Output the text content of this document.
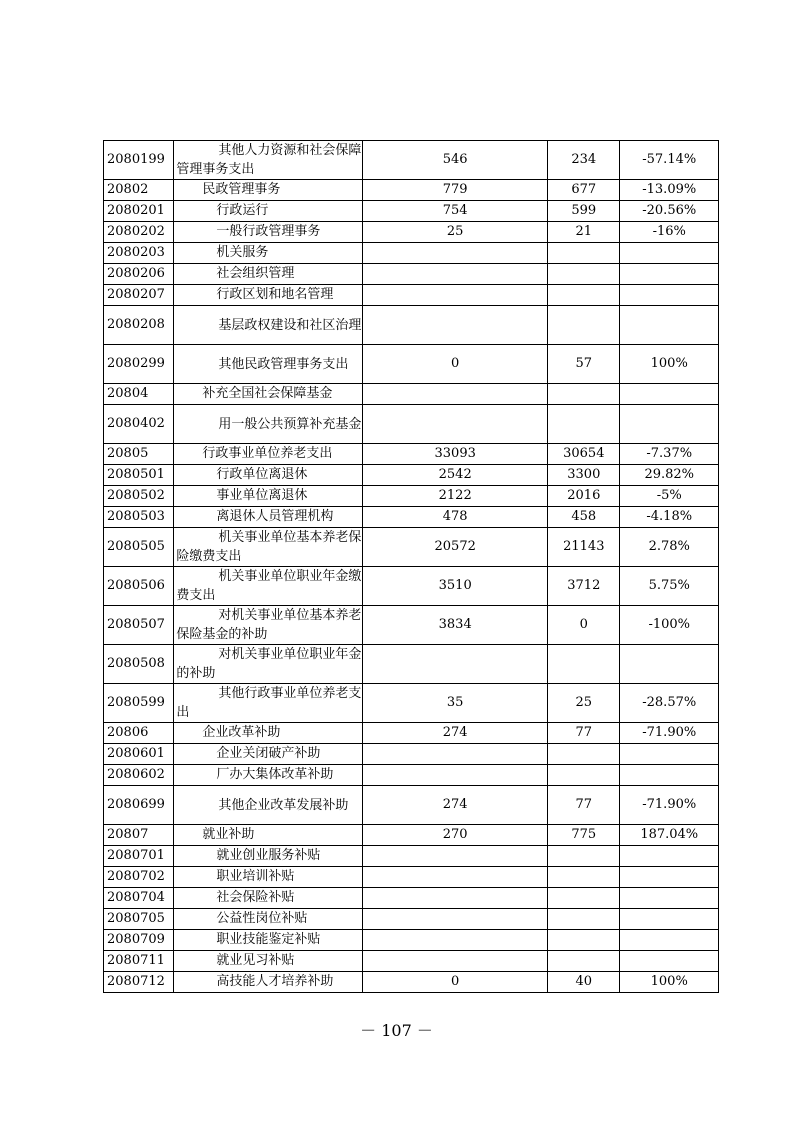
2080199	其他人力资源和社会保障管理事务支出	546	234	-57.14%
20802	民政管理事务	779	677	-13.09%
2080201	行政运行	754	599	-20.56%
2080202	一般行政管理事务	25	21	-16%
2080203	机关服务			

2080206	社会组织管理			

2080207	行政区划和地名管理			

2080208	基层政权建设和社区治理			

2080299	其他民政管理事务支出	0	57	100%
20804	补充全国社会保障基金			

2080402	用一般公共预算补充基金			

20805	行政事业单位养老支出	33093	30654	-7.37%
2080501	行政单位离退休	2542	3300	29.82%
2080502	事业单位离退休	2122	2016	-5%
2080503	离退休人员管理机构	478	458	-4.18%
2080505	机关事业单位基本养老保险缴费支出	20572	21143	2.78%
2080506	机关事业单位职业年金缴费支出	3510	3712	5.75%
2080507	对机关事业单位基本养老保险基金的补助	3834	0	-100%
2080508	对机关事业单位职业年金的补助			

2080599	其他行政事业单位养老支出	35	25	-28.57%
20806	企业改革补助	274	77	-71.90%
2080601	企业关闭破产补助			

2080602	厂办大集体改革补助			

2080699	其他企业改革发展补助	274	77	-71.90%
20807	就业补助	270	775	187.04%
2080701	就业创业服务补贴			

2080702	职业培训补贴			

2080704	社会保险补贴			

2080705	公益性岗位补贴			

2080709	职业技能鉴定补贴			

2080711	就业见习补贴			

2080712	高技能人才培养补助	0	40	100%
－ 107 －
